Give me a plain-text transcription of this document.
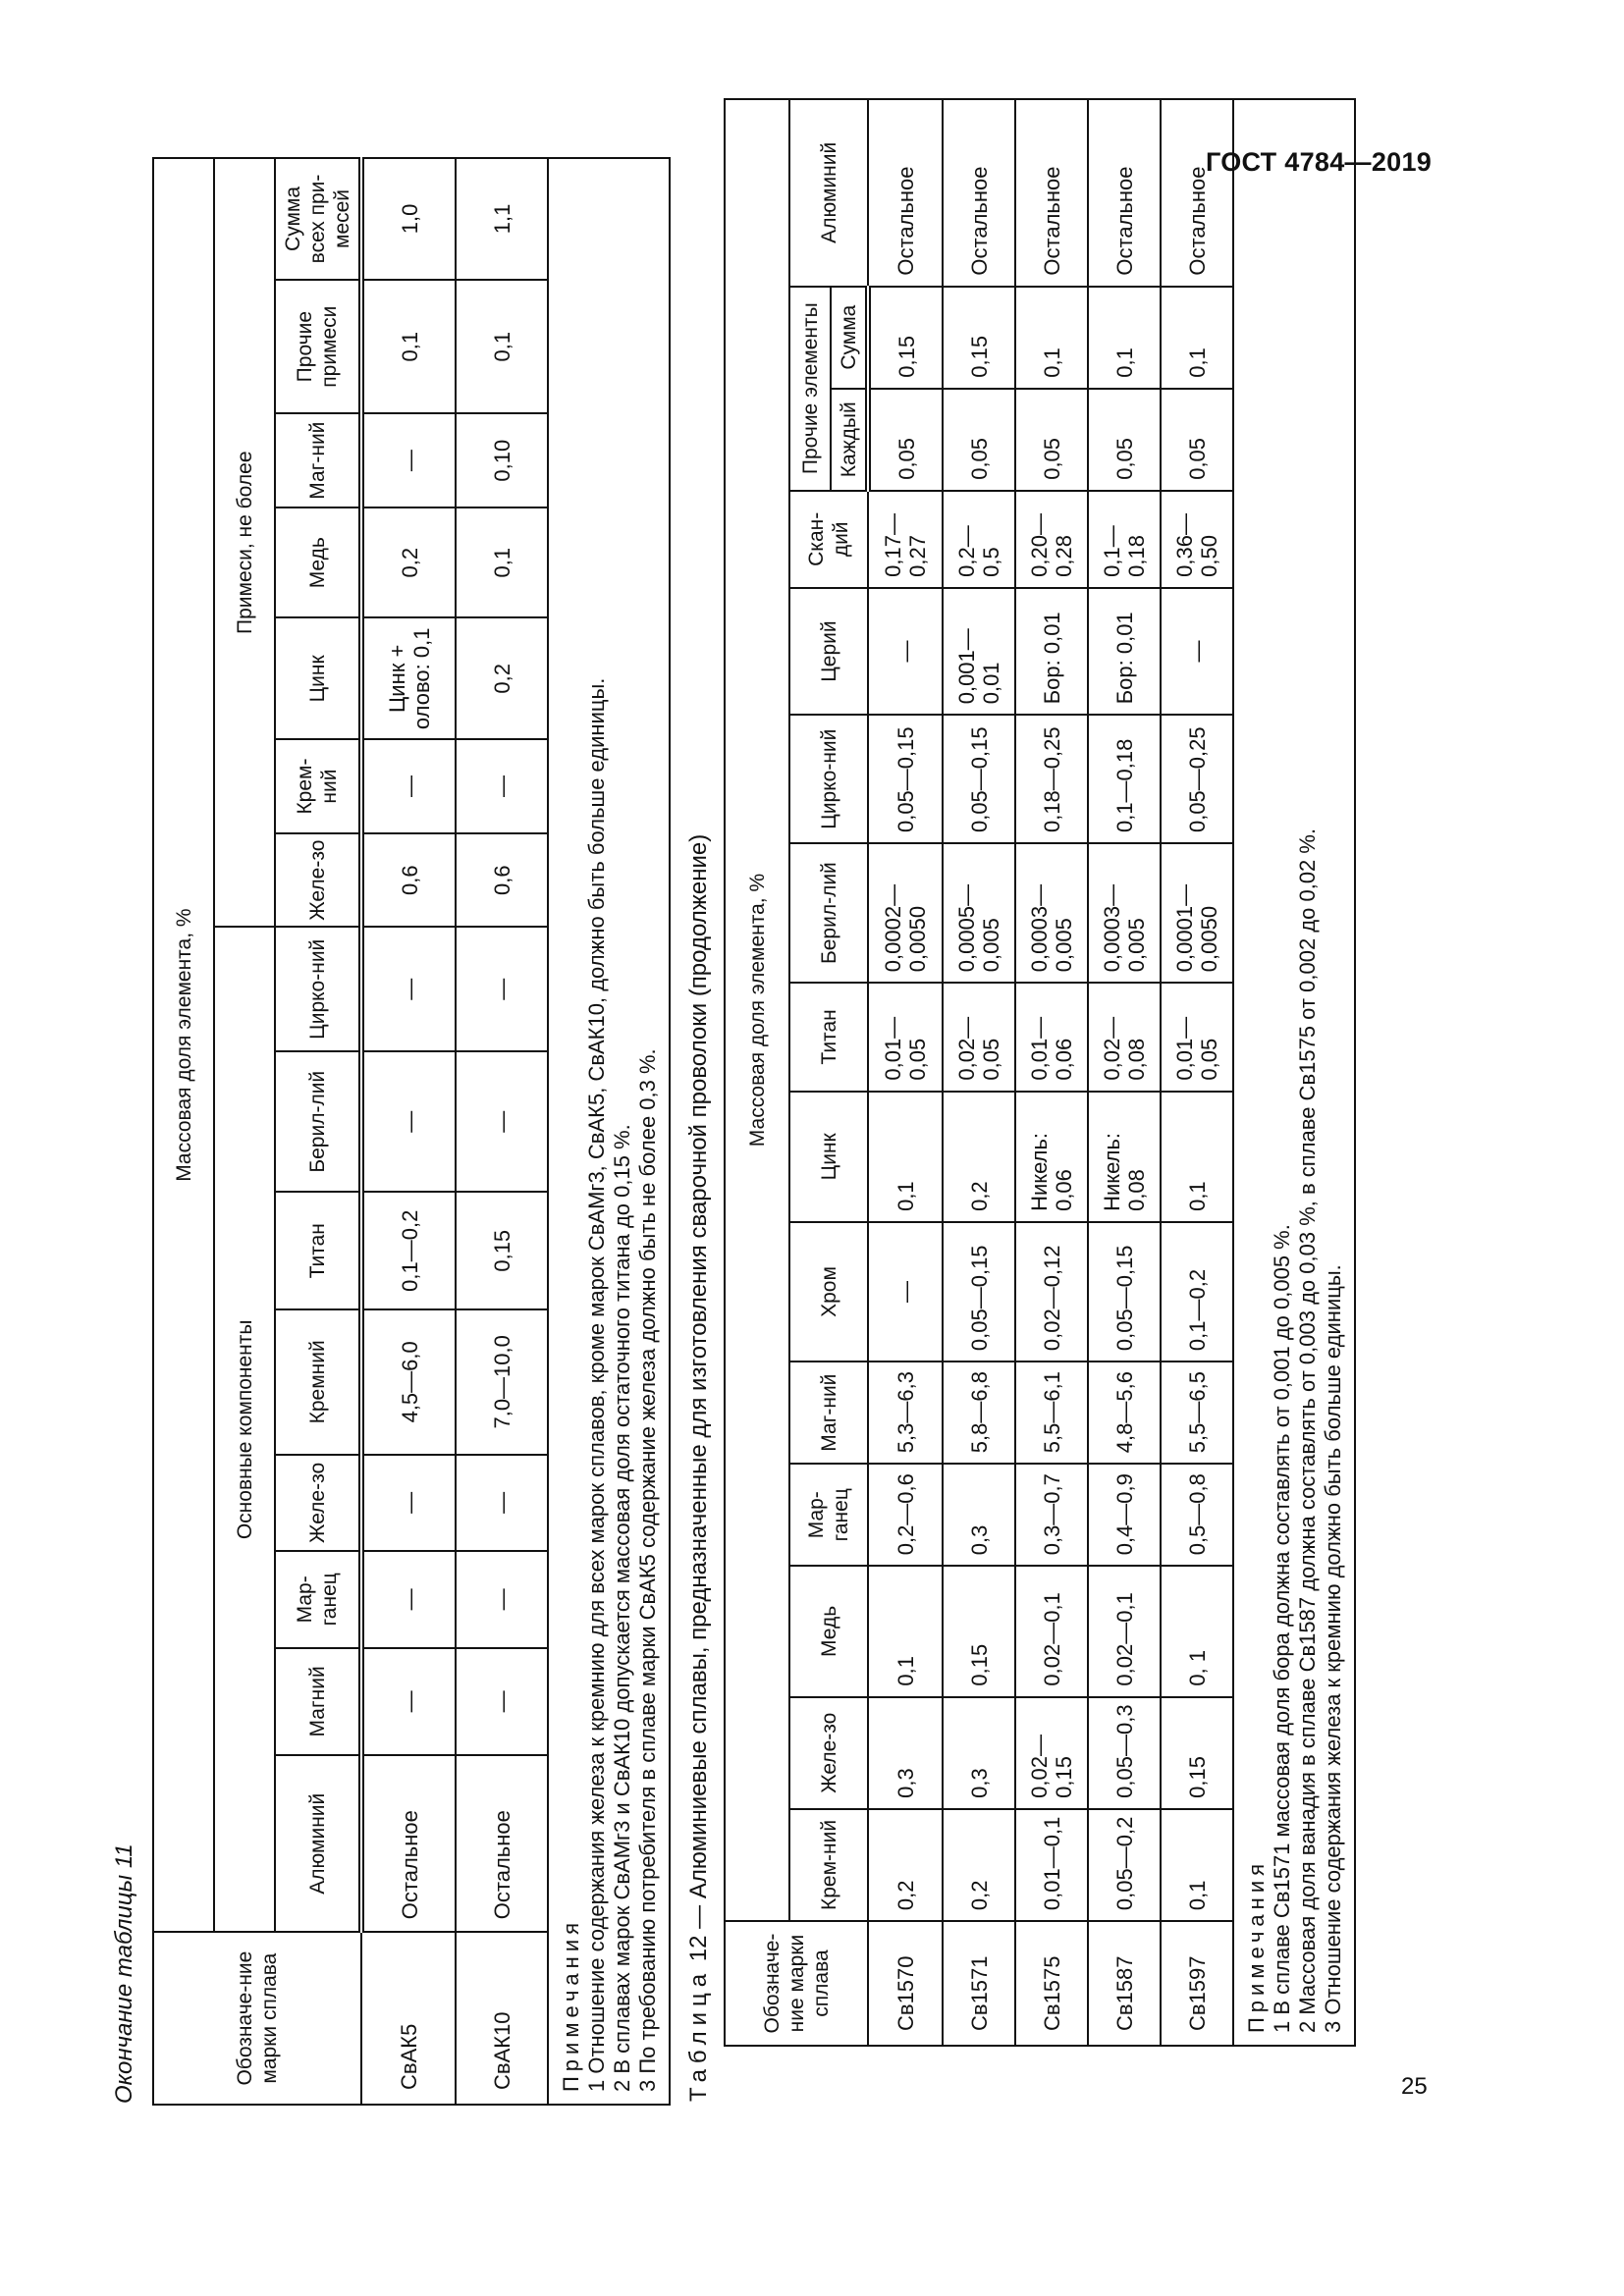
ГОСТ 4784—2019
Окончание таблицы 11	Обозначе-ние марки сплава	Массовая доля элемента, %														
	Основные компоненты								Примеси, не более						
	Алюминий	Магний	Мар-ганец	Желе-зо	Кремний	Титан	Берил-лий	Цирко-ний	Желе-зо	Крем-ний	Цинк	Медь	Маг-ний	Прочие примеси	Сумма всех при-месей
СвАК5	Остальное	—	—	—	4,5—6,0	0,1—0,2	—	—	0,6	—	Цинк + олово: 0,1	0,2	—	0,1	1,0
СвАК10	Остальное	—	—	—	7,0—10,0	0,15	—	—	0,6	—	0,2	0,1	0,10	0,1	1,1

Примечания 1 Отношение содержания железа к кремнию для всех марок сплавов, кроме марок СвАМг3, СвАК5, СвАК10, должно быть больше единицы. 2 В сплавах марок СвАМг3 и СвАК10 допускается массовая доля остаточного титана до 0,15 %. 3 По требованию потребителя в сплаве марки СвАК5 содержание железа должно быть не более 0,3 %.																Таблица 12 — Алюминиевые сплавы, предназначенные для изготовления сварочной проволоки (продолжение)
Обозначе-ние марки сплава	Массовая доля элемента, %														
	Крем-ний	Желе-зо	Медь	Мар-ганец	Маг-ний	Хром	Цинк	Титан	Берил-лий	Цирко-ний	Церий	Скан-дий	Прочие элементы		Алюминий
													Каждый	Сумма	
Св1570	0,2	0,3	0,1	0,2—0,6	5,3—6,3	—	0,1	0,01—0,05	0,0002—0,0050	0,05—0,15	—	0,17—0,27	0,05	0,15	Остальное
Св1571	0,2	0,3	0,15	0,3	5,8—6,8	0,05—0,15	0,2	0,02—0,05	0,0005—0,005	0,05—0,15	0,001—0,01	0,2—0,5	0,05	0,15	Остальное
Св1575	0,01—0,1	0,02—0,15	0,02—0,1	0,3—0,7	5,5—6,1	0,02—0,12	Никель: 0,06	0,01—0,06	0,0003—0,005	0,18—0,25	Бор: 0,01	0,20—0,28	0,05	0,1	Остальное
Св1587	0,05—0,2	0,05—0,3	0,02—0,1	0,4—0,9	4,8—5,6	0,05—0,15	Никель: 0,08	0,02—0,08	0,0003—0,005	0,1—0,18	Бор: 0,01	0,1—0,18	0,05	0,1	Остальное
Св1597	0,1	0,15	0, 1	0,5—0,8	5,5—6,5	0,1—0,2	0,1	0,01—0,05	0,0001—0,0050	0,05—0,25	—	0,36—0,50	0,05	0,1	Остальное

Примечания 1 В сплаве Св1571 массовая доля бора должна составлять от 0,001 до 0,005 %. 2 Массовая доля ванадия в сплаве Св1587 должна составлять от 0,003 до 0,03 %, в сплаве Св1575 от 0,002 до 0,02 %. 3 Отношение содержания железа к кремнию должно быть больше единицы.															
25
